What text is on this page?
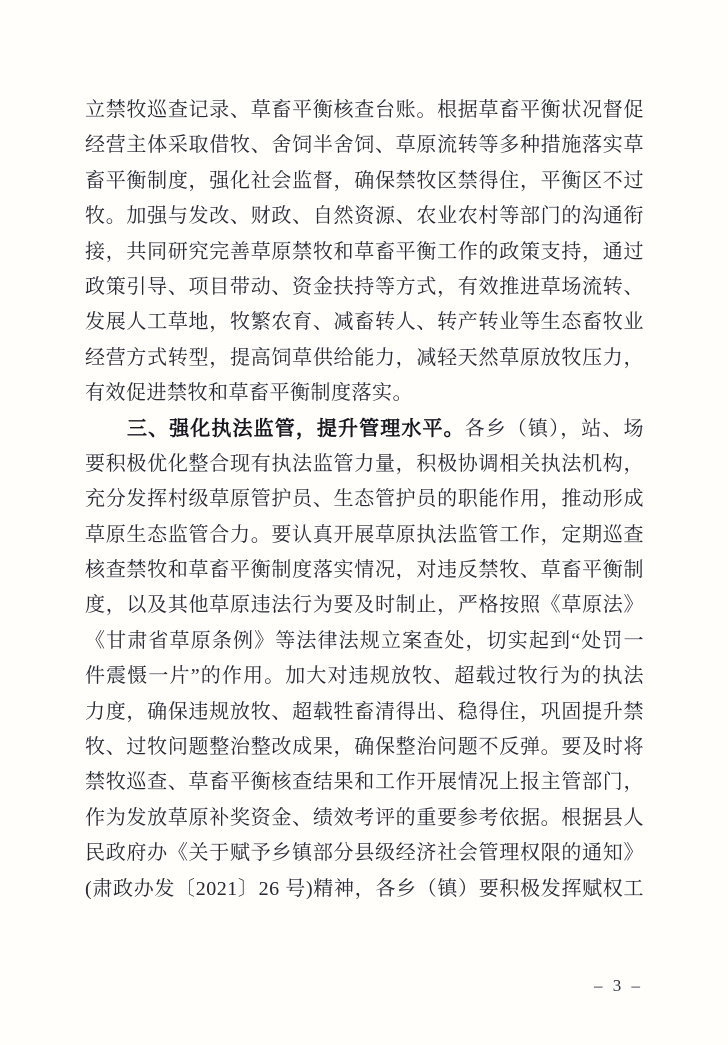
立禁牧巡查记录、草畜平衡核查台账。根据草畜平衡状况督促
经营主体采取借牧、舍饲半舍饲、草原流转等多种措施落实草
畜平衡制度，强化社会监督，确保禁牧区禁得住，平衡区不过
牧。加强与发改、财政、自然资源、农业农村等部门的沟通衔
接，共同研究完善草原禁牧和草畜平衡工作的政策支持，通过
政策引导、项目带动、资金扶持等方式，有效推进草场流转、
发展人工草地，牧繁农育、减畜转人、转产转业等生态畜牧业
经营方式转型，提高饲草供给能力，减轻天然草原放牧压力，
有效促进禁牧和草畜平衡制度落实。
三、强化执法监管，提升管理水平。各乡（镇），站、场
要积极优化整合现有执法监管力量，积极协调相关执法机构，
充分发挥村级草原管护员、生态管护员的职能作用，推动形成
草原生态监管合力。要认真开展草原执法监管工作，定期巡查
核查禁牧和草畜平衡制度落实情况，对违反禁牧、草畜平衡制
度，以及其他草原违法行为要及时制止，严格按照《草原法》
《甘肃省草原条例》等法律法规立案查处，切实起到“处罚一
件震慑一片”的作用。加大对违规放牧、超载过牧行为的执法
力度，确保违规放牧、超载牲畜清得出、稳得住，巩固提升禁
牧、过牧问题整治整改成果，确保整治问题不反弹。要及时将
禁牧巡查、草畜平衡核查结果和工作开展情况上报主管部门，
作为发放草原补奖资金、绩效考评的重要参考依据。根据县人
民政府办《关于赋予乡镇部分县级经济社会管理权限的通知》
(肃政办发〔2021〕26 号)精神，各乡（镇）要积极发挥赋权工
– 3 –
